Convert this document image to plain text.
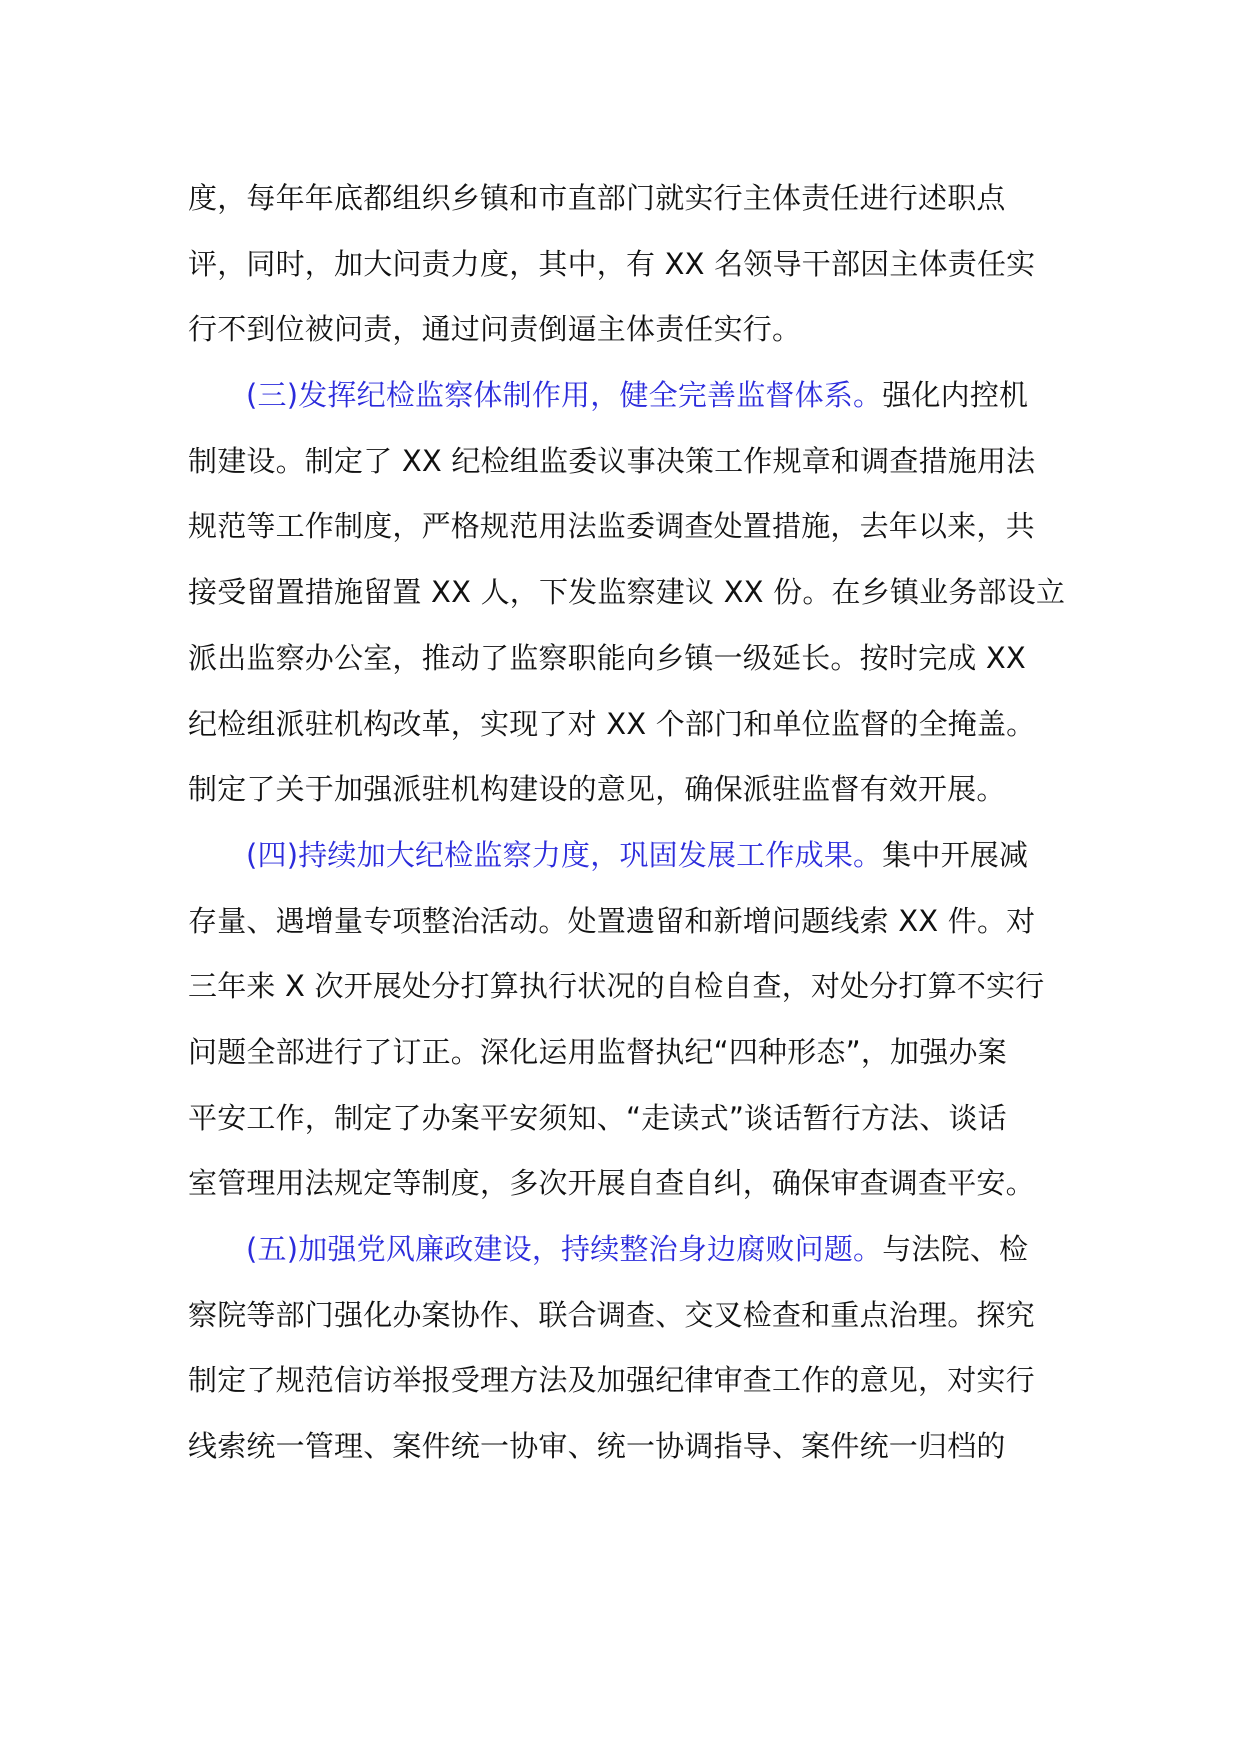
度，每年年底都组织乡镇和市直部门就实行主体责任进行述职点
评，同时，加大问责力度，其中，有 XX 名领导干部因主体责任实
行不到位被问责，通过问责倒逼主体责任实行。
(三)发挥纪检监察体制作用，健全完善监督体系。强化内控机
制建设。制定了 XX 纪检组监委议事决策工作规章和调查措施用法
规范等工作制度，严格规范用法监委调查处置措施，去年以来，共
接受留置措施留置 XX 人，下发监察建议 XX 份。在乡镇业务部设立
派出监察办公室，推动了监察职能向乡镇一级延长。按时完成 XX
纪检组派驻机构改革，实现了对 XX 个部门和单位监督的全掩盖。
制定了关于加强派驻机构建设的意见，确保派驻监督有效开展。
(四)持续加大纪检监察力度，巩固发展工作成果。集中开展减
存量、遇增量专项整治活动。处置遗留和新增问题线索 XX 件。对
三年来 X 次开展处分打算执行状况的自检自查，对处分打算不实行
问题全部进行了订正。深化运用监督执纪“四种形态”，加强办案
平安工作，制定了办案平安须知、“走读式”谈话暂行方法、谈话
室管理用法规定等制度，多次开展自查自纠，确保审查调查平安。
(五)加强党风廉政建设，持续整治身边腐败问题。与法院、检
察院等部门强化办案协作、联合调查、交叉检查和重点治理。探究
制定了规范信访举报受理方法及加强纪律审查工作的意见，对实行
线索统一管理、案件统一协审、统一协调指导、案件统一归档的
